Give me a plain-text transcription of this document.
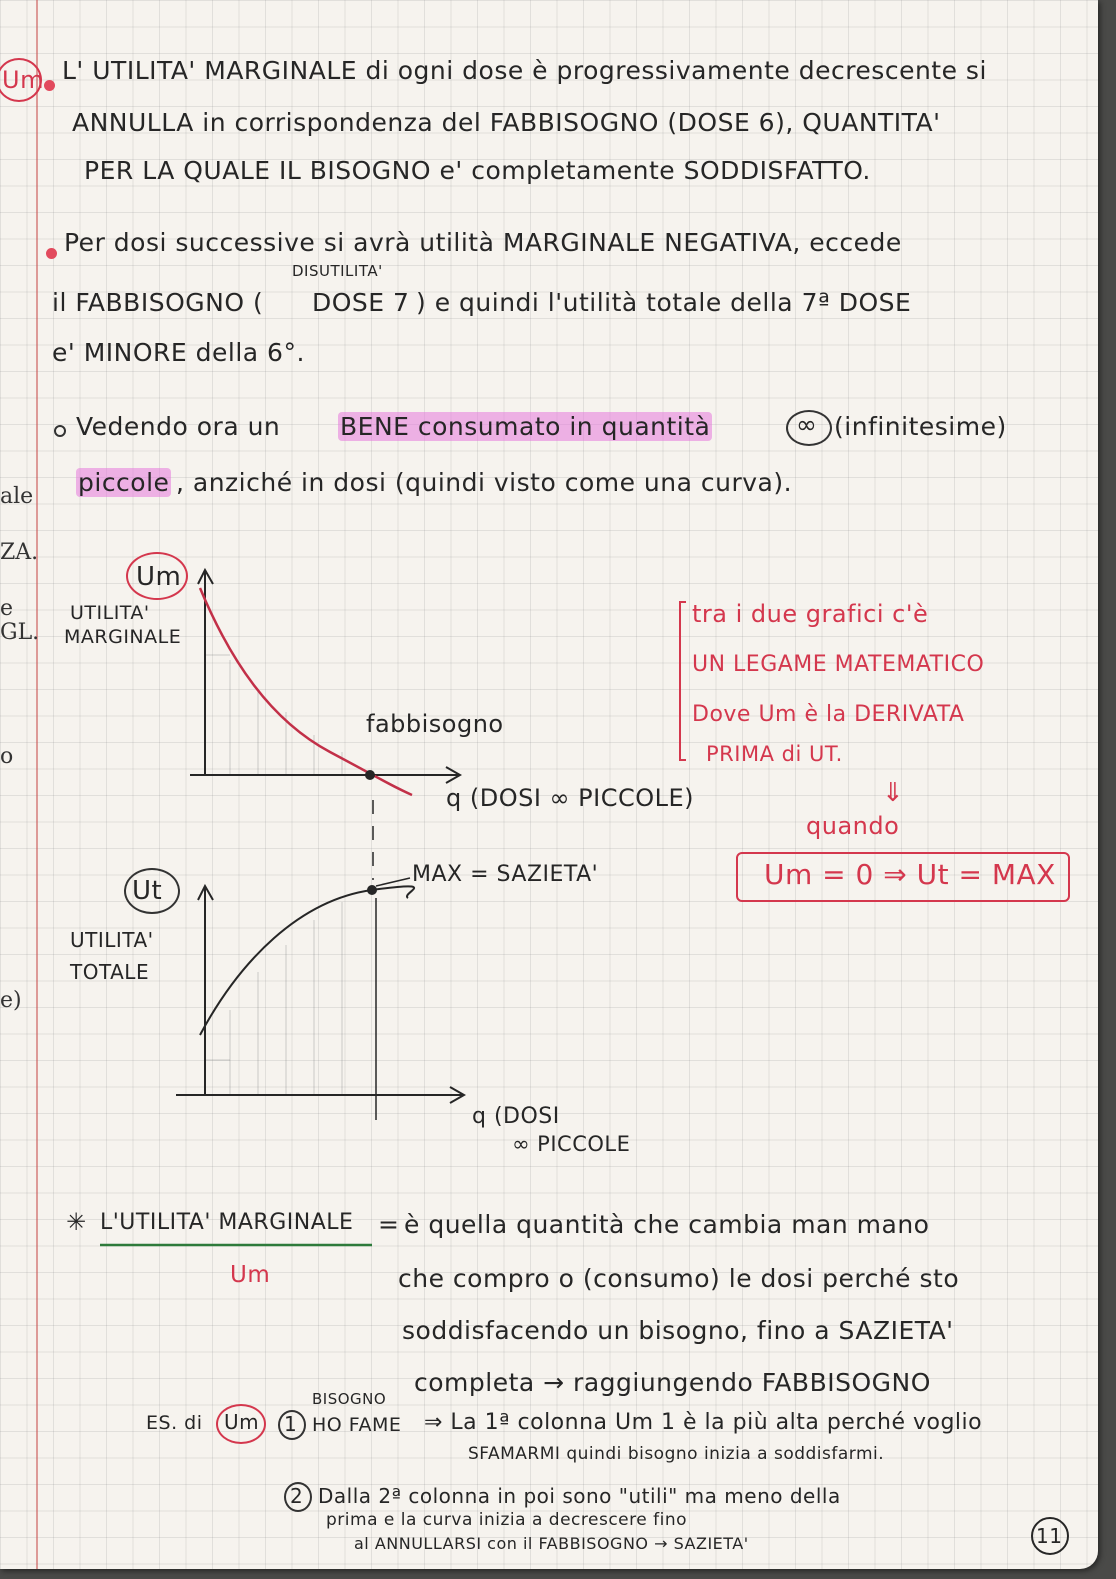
ale
ZA.
e
GL.
o
e)
Um L' UTILITA' MARGINALE di ogni dose è progressivamente decrescente si
ANNULLA in corrispondenza del FABBISOGNO (DOSE 6), QUANTITA'
PER LA QUALE IL BISOGNO e' completamente SODDISFATTO.
Per dosi successive si avrà utilità MARGINALE NEGATIVA, eccede
il FABBISOGNO (
DISUTILITA'
DOSE 7 ) e quindi l'utilità totale della 7ª DOSE
e' MINORE della 6°.
Vedendo ora un BENE consumato in quantità	∞ (infinitesime)
piccole , anziché in dosi (quindi visto come una curva).
Um
UTILITA'
MARGINALE
fabbisogno
q (DOSI ∞ PICCOLE)
Ut
UTILITA'
TOTALE
MAX = SAZIETA'
q (DOSI
∞ PICCOLE
tra i due grafici c'è
UN LEGAME MATEMATICO
Dove Um è la DERIVATA
PRIMA di UT.
⇓
quando
Um = 0 ⇒ Ut = MAX
✳ L'UTILITA' MARGINALE = è quella quantità che cambia man mano
Um	che compro o (consumo) le dosi perché sto
soddisfacendo un bisogno, fino a SAZIETA'
completa → raggiungendo FABBISOGNO
BISOGNO
ES. di Um 1 HO FAME ⇒ La 1ª colonna Um 1 è la più alta perché voglio
SFAMARMI quindi bisogno inizia a soddisfarmi.
2 Dalla 2ª colonna in poi sono "utili" ma meno della
prima e la curva inizia a decrescere fino
al ANNULLARSI con il FABBISOGNO → SAZIETA'	11
